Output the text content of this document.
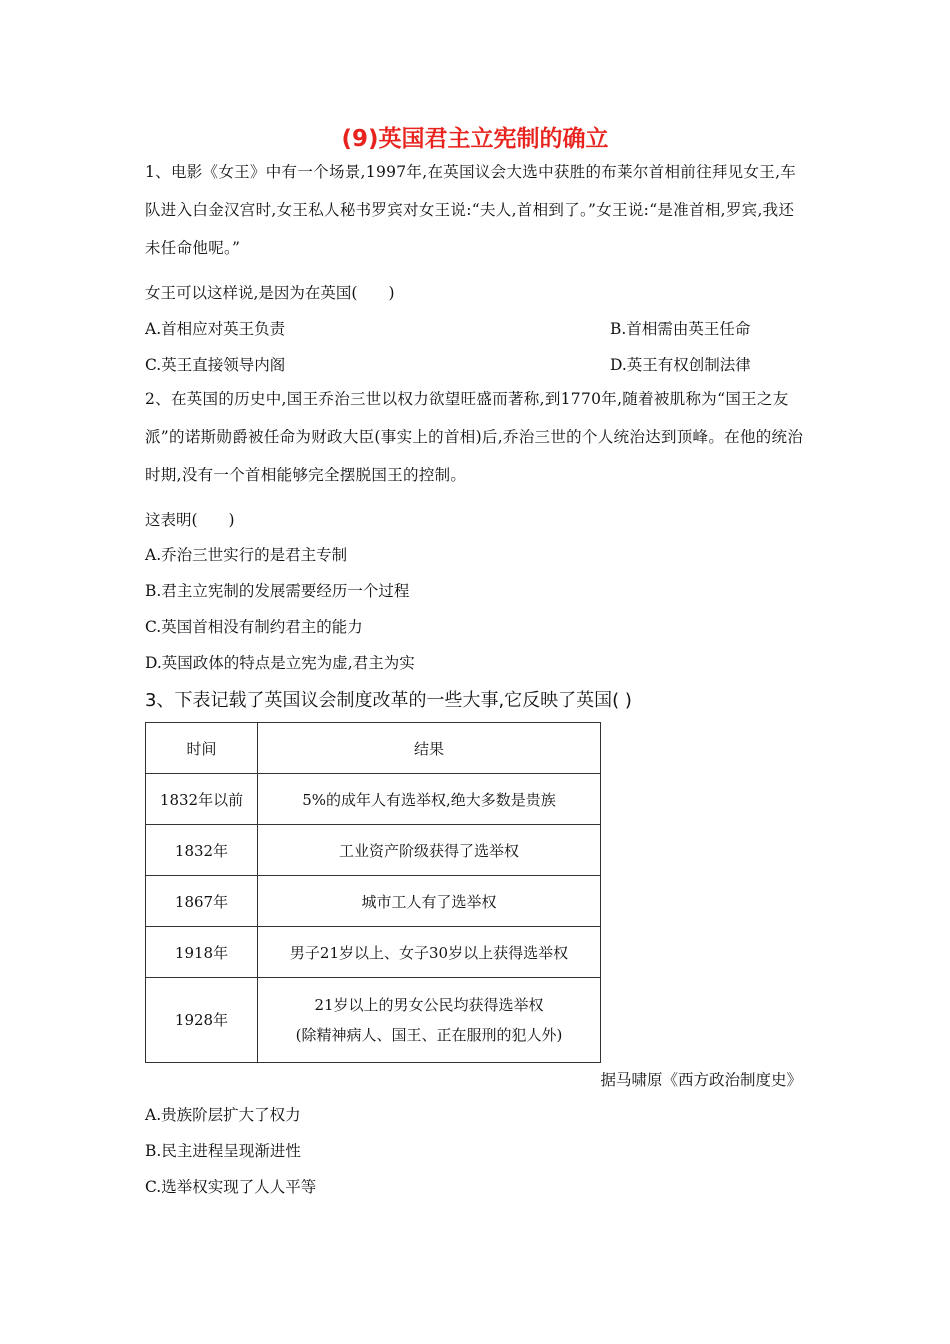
(9)英国君主立宪制的确立
1、电影《女王》中有一个场景,1997年,在英国议会大选中获胜的布莱尔首相前往拜见女王,车队进入白金汉宫时,女王私人秘书罗宾对女王说:“夫人,首相到了。”女王说:“是准首相,罗宾,我还未任命他呢。”
女王可以这样说,是因为在英国(　　)
A.首相应对英王负责	B.首相需由英王任命
C.英王直接领导内阁	D.英王有权创制法律
2、在英国的历史中,国王乔治三世以权力欲望旺盛而著称,到1770年,随着被肌称为“国王之友派”的诺斯勋爵被任命为财政大臣(事实上的首相)后,乔治三世的个人统治达到顶峰。在他的统治时期,没有一个首相能够完全摆脱国王的控制。
这表明(　　)
A.乔治三世实行的是君主专制
B.君主立宪制的发展需要经历一个过程
C.英国首相没有制约君主的能力
D.英国政体的特点是立宪为虚,君主为实
3、下表记载了英国议会制度改革的一些大事,它反映了英国( )
时间	结果
1832年以前	5%的成年人有选举权,绝大多数是贵族
1832年	工业资产阶级获得了选举权
1867年	城市工人有了选举权
1918年	男子21岁以上、女子30岁以上获得选举权
1928年	21岁以上的男女公民均获得选举权
(除精神病人、国王、正在服刑的犯人外)
据马啸原《西方政治制度史》
A.贵族阶层扩大了权力
B.民主进程呈现渐进性
C.选举权实现了人人平等
